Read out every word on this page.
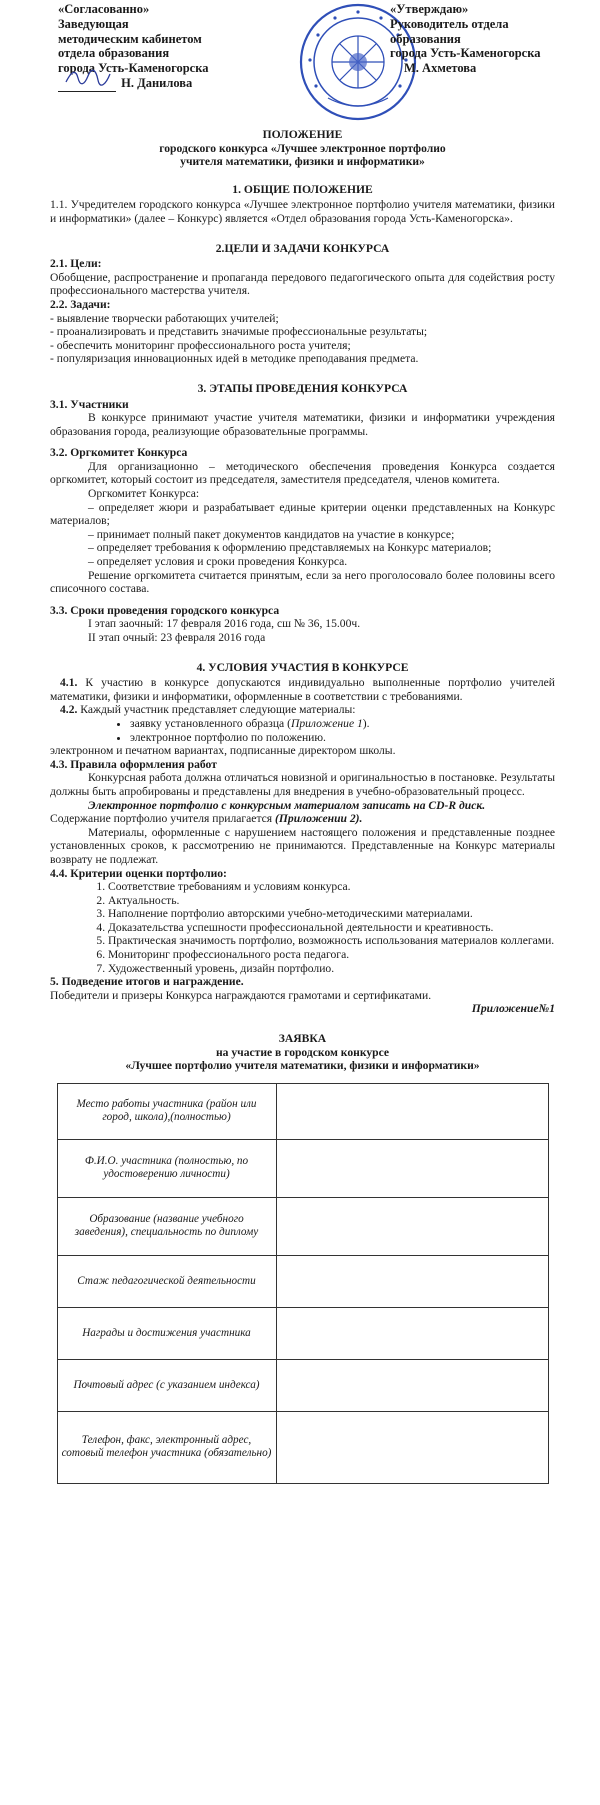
«Согласованно»
Заведующая
методическим кабинетом
отдела образования
города Усть-Каменогорска

Н. Данилова
«Утверждаю»
Руководитель отдела
образования
города Усть-Каменогорска
М. Ахметова

ПОЛОЖЕНИЕ

городского конкурса «Лучшее электронное портфолио

учителя математики, физики и информатики»

1. ОБЩИЕ ПОЛОЖЕНИЕ

1.1. Учредителем городского конкурса «Лучшее электронное портфолио учителя математики, физики и информатики» (далее – Конкурс) является «Отдел образования города Усть-Каменогорска».

2.ЦЕЛИ И ЗАДАЧИ КОНКУРСА

2.1. Цели:

Обобщение, распространение и пропаганда передового педагогического опыта для содействия росту профессионального мастерства учителя.

2.2. Задачи:

- выявление творчески работающих учителей;

- проанализировать и представить значимые профессиональные результаты;

- обеспечить мониторинг профессионального роста учителя;

- популяризация инновационных идей в методике преподавания предмета.

3. ЭТАПЫ ПРОВЕДЕНИЯ КОНКУРСА

3.1. Участники

В конкурсе принимают участие учителя математики, физики и информатики учреждения образования города, реализующие образовательные программы.

3.2. Оргкомитет Конкурса

Для организационно – методического обеспечения проведения Конкурса создается оргкомитет, который состоит из председателя, заместителя председателя, членов комитета.

Оргкомитет Конкурса:

– определяет жюри и разрабатывает единые критерии оценки представленных на Конкурс материалов;

– принимает полный пакет документов кандидатов на участие в конкурсе;

– определяет требования к оформлению представляемых на Конкурс материалов;

– определяет условия и сроки проведения Конкурса.

Решение оргкомитета считается принятым, если за него проголосовало более половины всего списочного состава.

3.3. Сроки проведения городского конкурса

I этап заочный: 17 февраля 2016 года, сш № 36, 15.00ч.

II этап очный: 23 февраля 2016 года

4. УСЛОВИЯ УЧАСТИЯ В КОНКУРСЕ

4.1. К участию в конкурсе допускаются индивидуально выполненные портфолио учителей математики, физики и информатики, оформленные в соответствии с требованиями.

4.2. Каждый участник представляет следующие материалы:

• заявку установленного образца (Приложение 1).
• электронное портфолио по положению.

электронном и печатном вариантах, подписанные директором школы.

4.3. Правила оформления работ

Конкурсная работа должна отличаться новизной и оригинальностью в постановке. Результаты должны быть апробированы и представлены для внедрения в учебно-образовательный процесс.

Электронное портфолио с конкурсным материалом записать на CD-R диск.

Содержание портфолио учителя прилагается (Приложении 2).

Материалы, оформленные с нарушением настоящего положения и представленные позднее установленных сроков, к рассмотрению не принимаются. Представленные на Конкурс материалы возврату не подлежат.

4.4. Критерии оценки портфолио:

1. Соответствие требованиям и условиям конкурса.
2. Актуальность.
3. Наполнение портфолио авторскими учебно-методическими материалами.
4. Доказательства успешности профессиональной деятельности и креативность.
5. Практическая значимость портфолио, возможность использования материалов коллегами.
6. Мониторинг профессионального роста педагога.
7. Художественный уровень, дизайн портфолио.

5. Подведение итогов и награждение.

Победители и призеры Конкурса награждаются грамотами и сертификатами.

Приложение№1

ЗАЯВКА

на участие в городском конкурсе

«Лучшее портфолио учителя математики, физики и информатики»

Место работы участника (район или город, школа),(полностью)	
Ф.И.О. участника (полностью, по удостоверению личности)	
Образование (название учебного заведения), специальность по диплому	
Стаж педагогической деятельности	
Награды и достижения участника	
Почтовый адрес (с указанием индекса)	
Телефон, факс, электронный адрес, сотовый телефон участника (обязательно)	
